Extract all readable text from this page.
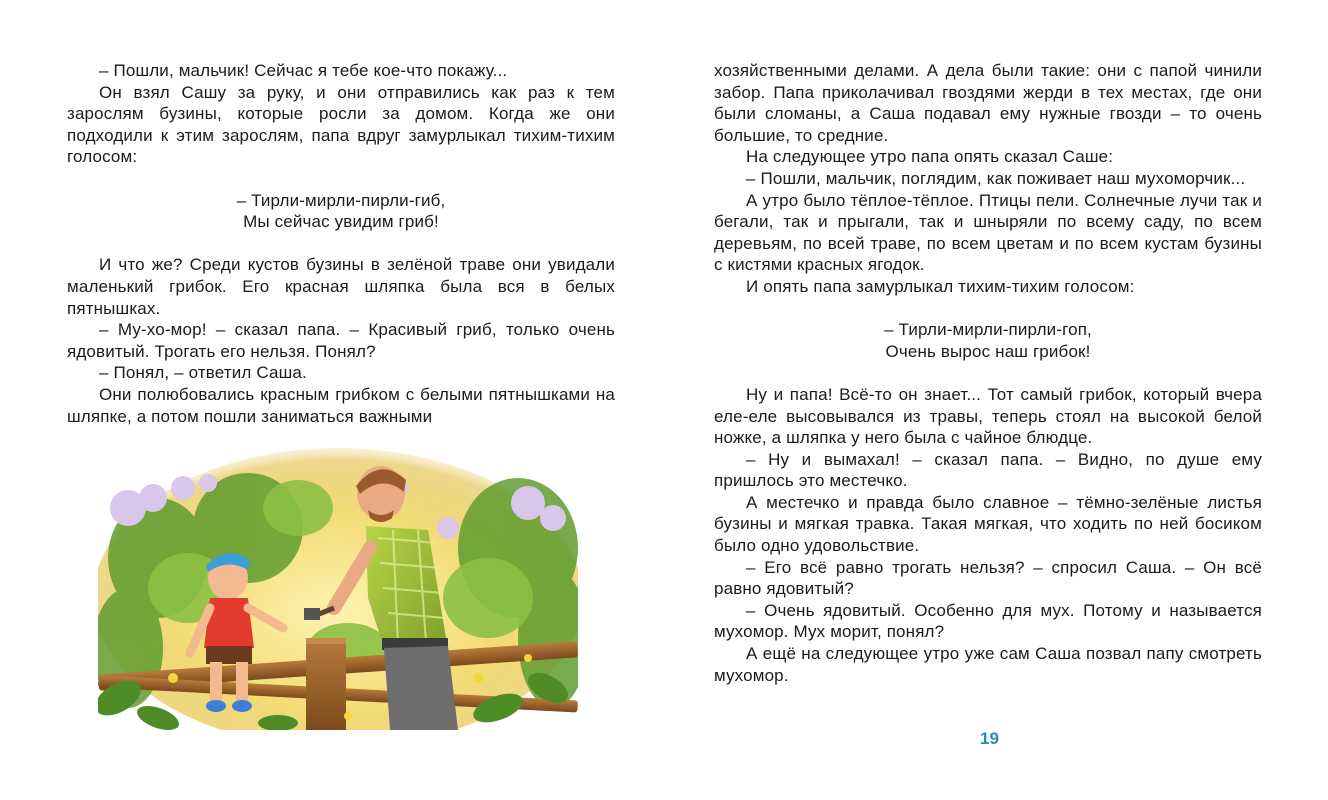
– Пошли, мальчик! Сейчас я тебе кое-что покажу...

Он взял Сашу за руку, и они отправились как раз к тем зарослям бузины, которые росли за домом. Когда же они подходили к этим зарослям, папа вдруг замурлыкал тихим-тихим голосом:

– Тирли-мирли-пирли-гиб,

Мы сейчас увидим гриб!

И что же? Среди кустов бузины в зелёной траве они увидали маленький грибок. Его красная шляпка была вся в белых пятнышках.

– Му-хо-мор! – сказал папа. – Красивый гриб, только очень ядовитый. Трогать его нельзя. Понял?

– Понял, – ответил Саша.

Они полюбовались красным грибком с белыми пятнышками на шляпке, а потом пошли заниматься важными

хозяйственными делами. А дела были такие: они с папой чинили забор. Папа приколачивал гвоздями жерди в тех местах, где они были сломаны, а Саша подавал ему нужные гвозди – то очень большие, то средние.

На следующее утро папа опять сказал Саше:

– Пошли, мальчик, поглядим, как поживает наш мухоморчик...

А утро было тёплое-тёплое. Птицы пели. Солнечные лучи так и бегали, так и прыгали, так и шныряли по всему саду, по всем деревьям, по всей траве, по всем цветам и по всем кустам бузины с кистями красных ягодок.

И опять папа замурлыкал тихим-тихим голосом:

– Тирли-мирли-пирли-гоп,

Очень вырос наш грибок!

Ну и папа! Всё-то он знает... Тот самый грибок, который вчера еле-еле высовывался из травы, теперь стоял на высокой белой ножке, а шляпка у него была с чайное блюдце.

– Ну и вымахал! – сказал папа. – Видно, по душе ему пришлось это местечко.

А местечко и правда было славное – тёмно-зелёные листья бузины и мягкая травка. Такая мягкая, что ходить по ней босиком было одно удовольствие.

– Его всё равно трогать нельзя? – спросил Саша. – Он всё равно ядовитый?

– Очень ядовитый. Особенно для мух. Потому и называется мухомор. Мух морит, понял?

А ещё на следующее утро уже сам Саша позвал папу смотреть мухомор.

19
